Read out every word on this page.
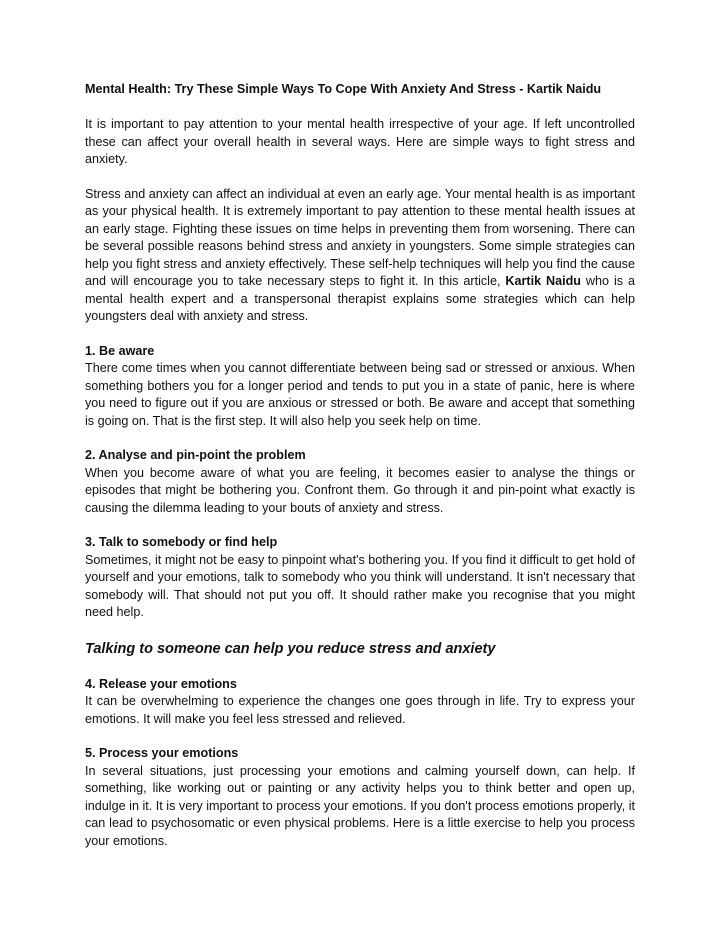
Mental Health: Try These Simple Ways To Cope With Anxiety And Stress - Kartik Naidu

It is important to pay attention to your mental health irrespective of your age. If left uncontrolled these can affect your overall health in several ways. Here are simple ways to fight stress and anxiety.

Stress and anxiety can affect an individual at even an early age. Your mental health is as important as your physical health. It is extremely important to pay attention to these mental health issues at an early stage. Fighting these issues on time helps in preventing them from worsening. There can be several possible reasons behind stress and anxiety in youngsters. Some simple strategies can help you fight stress and anxiety effectively. These self-help techniques will help you find the cause and will encourage you to take necessary steps to fight it. In this article, Kartik Naidu who is a mental health expert and a transpersonal therapist explains some strategies which can help youngsters deal with anxiety and stress.

1. Be aware

There come times when you cannot differentiate between being sad or stressed or anxious. When something bothers you for a longer period and tends to put you in a state of panic, here is where you need to figure out if you are anxious or stressed or both. Be aware and accept that something is going on. That is the first step. It will also help you seek help on time.

2. Analyse and pin-point the problem

When you become aware of what you are feeling, it becomes easier to analyse the things or episodes that might be bothering you. Confront them. Go through it and pin-point what exactly is causing the dilemma leading to your bouts of anxiety and stress.

3. Talk to somebody or find help

Sometimes, it might not be easy to pinpoint what's bothering you. If you find it difficult to get hold of yourself and your emotions, talk to somebody who you think will understand. It isn't necessary that somebody will. That should not put you off. It should rather make you recognise that you might need help.

Talking to someone can help you reduce stress and anxiety
4. Release your emotions

It can be overwhelming to experience the changes one goes through in life. Try to express your emotions. It will make you feel less stressed and relieved.

5. Process your emotions

In several situations, just processing your emotions and calming yourself down, can help. If something, like working out or painting or any activity helps you to think better and open up, indulge in it. It is very important to process your emotions. If you don't process emotions properly, it can lead to psychosomatic or even physical problems. Here is a little exercise to help you process your emotions.
